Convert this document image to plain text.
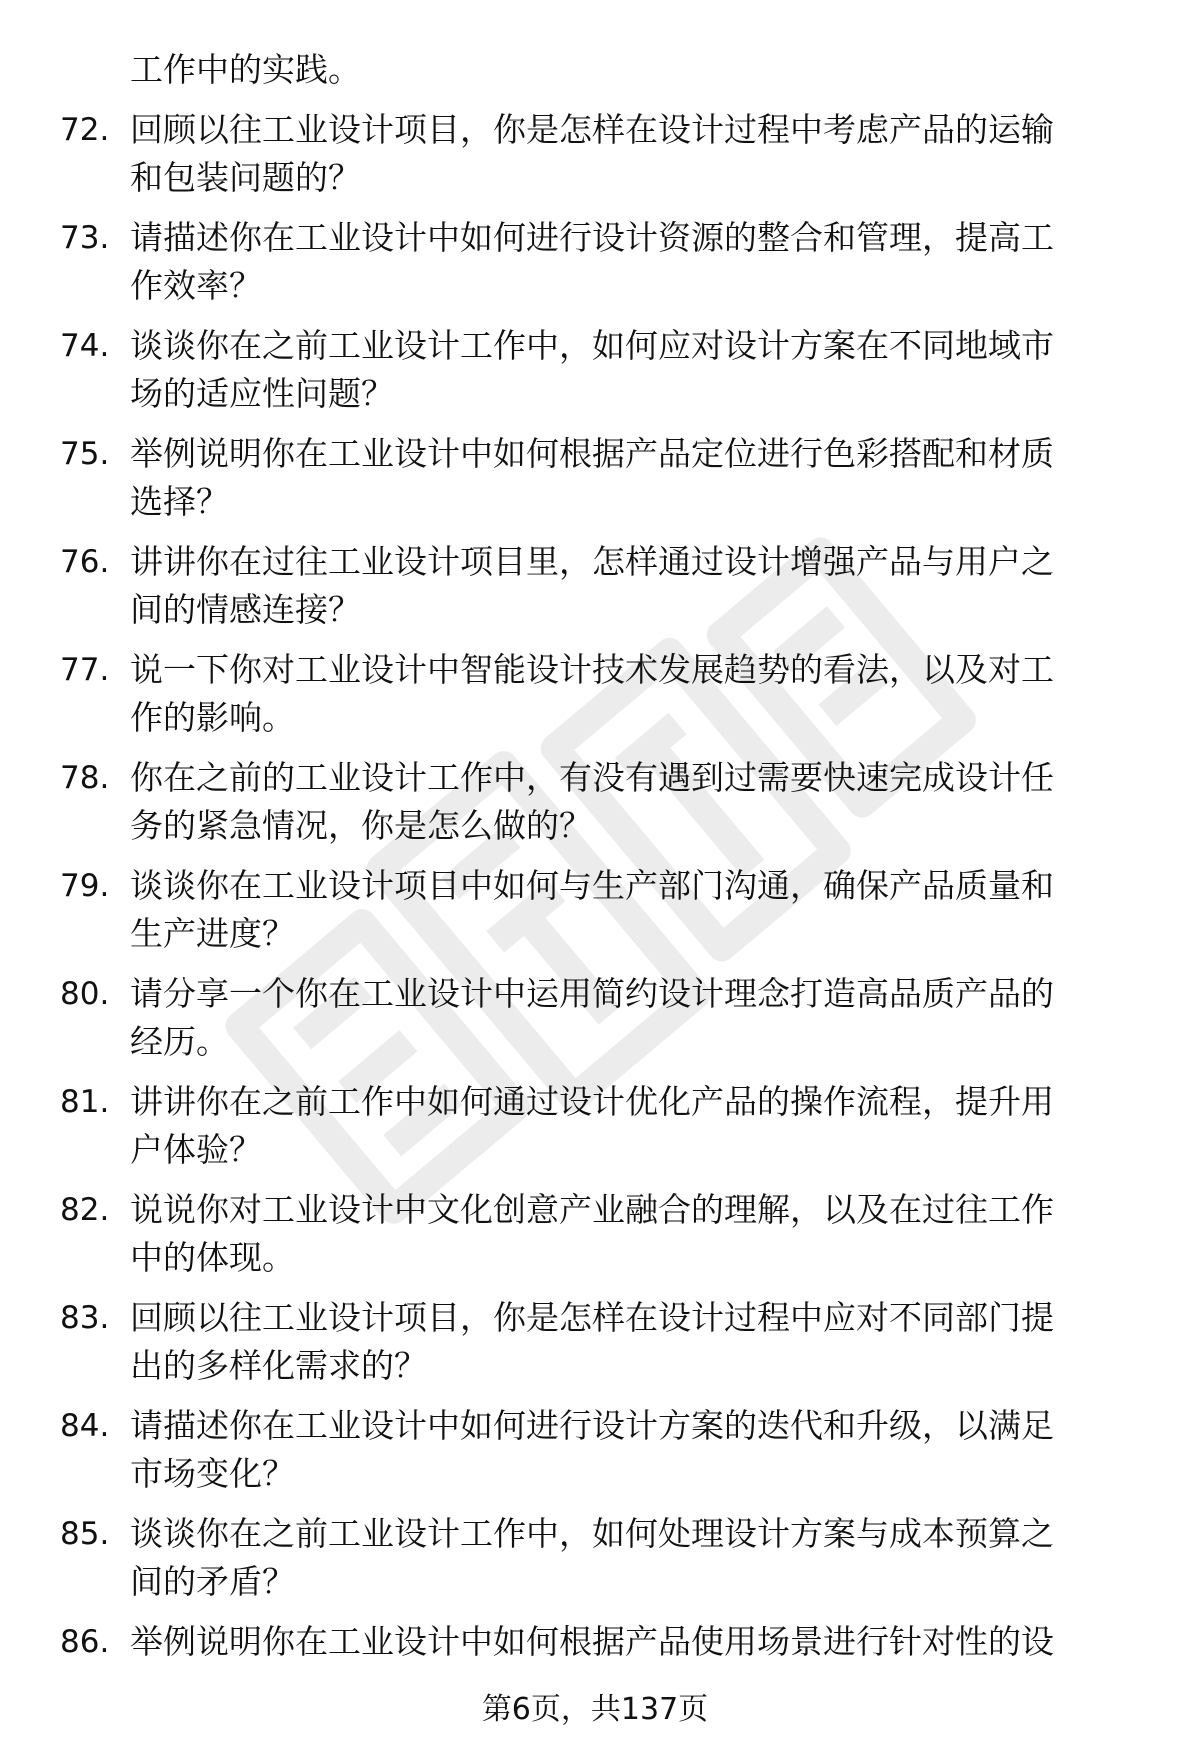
工作中的实践。
72. 回顾以往工业设计项目，你是怎样在设计过程中考虑产品的运输
和包装问题的？
73. 请描述你在工业设计中如何进行设计资源的整合和管理，提高工
作效率？
74. 谈谈你在之前工业设计工作中，如何应对设计方案在不同地域市
场的适应性问题？
75. 举例说明你在工业设计中如何根据产品定位进行色彩搭配和材质
选择？
76. 讲讲你在过往工业设计项目里，怎样通过设计增强产品与用户之
间的情感连接？
77. 说一下你对工业设计中智能设计技术发展趋势的看法，以及对工
作的影响。
78. 你在之前的工业设计工作中，有没有遇到过需要快速完成设计任
务的紧急情况，你是怎么做的？
79. 谈谈你在工业设计项目中如何与生产部门沟通，确保产品质量和
生产进度？
80. 请分享一个你在工业设计中运用简约设计理念打造高品质产品的
经历。
81. 讲讲你在之前工作中如何通过设计优化产品的操作流程，提升用
户体验？
82. 说说你对工业设计中文化创意产业融合的理解，以及在过往工作
中的体现。
83. 回顾以往工业设计项目，你是怎样在设计过程中应对不同部门提
出的多样化需求的？
84. 请描述你在工业设计中如何进行设计方案的迭代和升级，以满足
市场变化？
85. 谈谈你在之前工业设计工作中，如何处理设计方案与成本预算之
间的矛盾？
86. 举例说明你在工业设计中如何根据产品使用场景进行针对性的设
第6页，共137页
